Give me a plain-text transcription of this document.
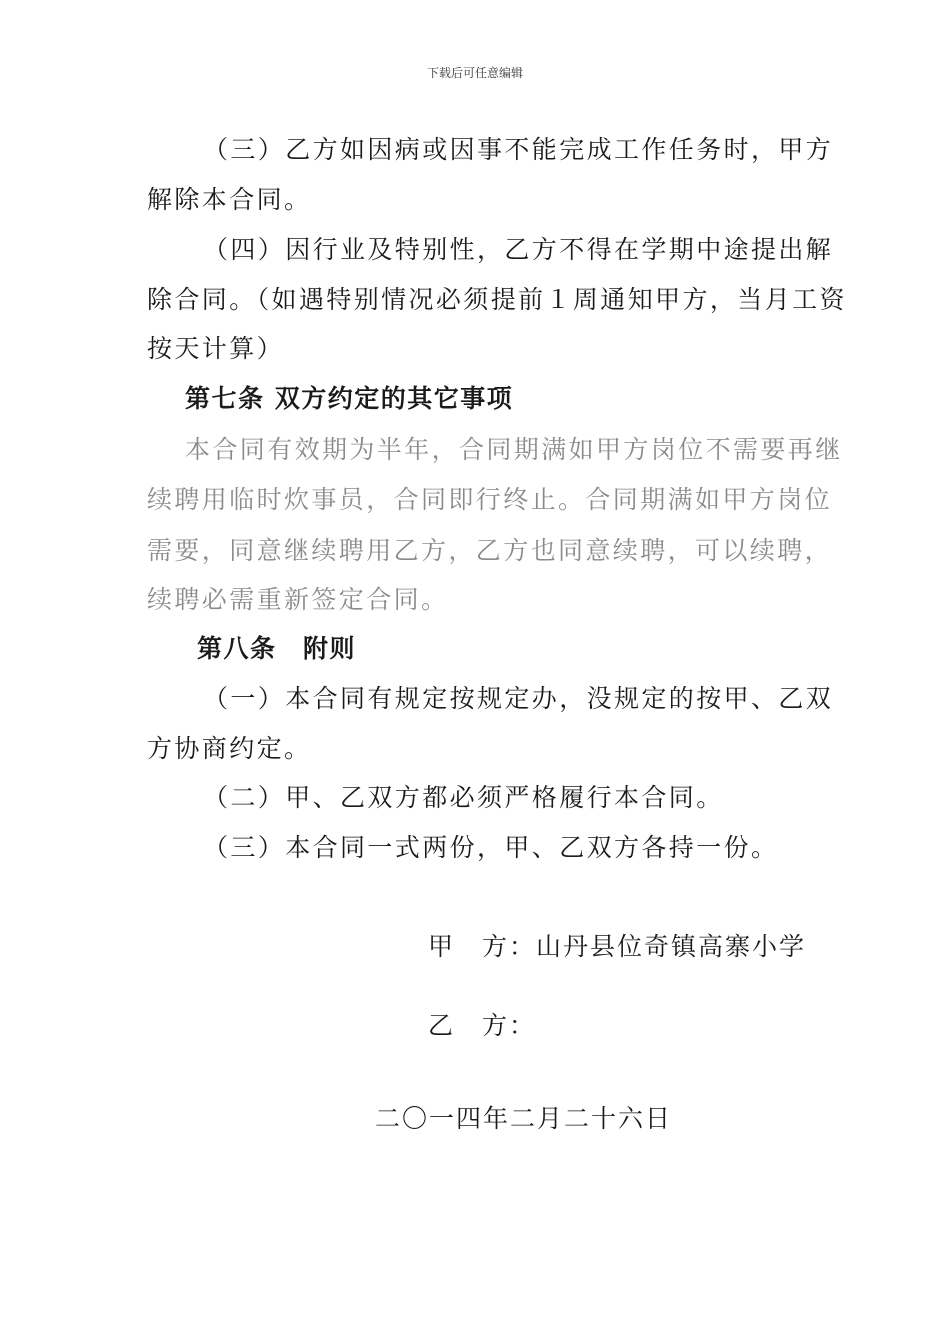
下载后可任意编辑
（三）乙方如因病或因事不能完成工作任务时，甲方
解除本合同。
（四）因行业及特别性，乙方不得在学期中途提出解
除合同。（如遇特别情况必须提前１周通知甲方，当月工资
按天计算）
第七条 双方约定的其它事项
本合同有效期为半年，合同期满如甲方岗位不需要再继
续聘用临时炊事员，合同即行终止。合同期满如甲方岗位
需要，同意继续聘用乙方，乙方也同意续聘，可以续聘，
续聘必需重新签定合同。
第八条　附则
（一）本合同有规定按规定办，没规定的按甲、乙双
方协商约定。
（二）甲、乙双方都必须严格履行本合同。
（三）本合同一式两份，甲、乙双方各持一份。
甲　方：山丹县位奇镇高寨小学
乙　方：
二〇一四年二月二十六日
